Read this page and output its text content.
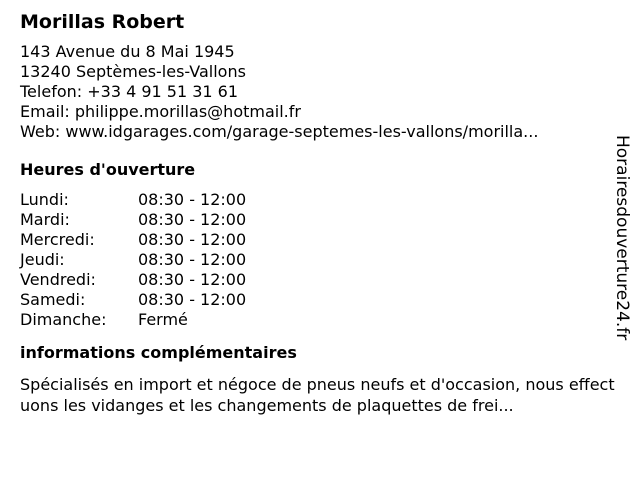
Morillas Robert
143 Avenue du 8 Mai 1945
13240 Septèmes-les-Vallons
Telefon: +33 4 91 51 31 61
Email: philippe.morillas@hotmail.fr
Web: www.idgarages.com/garage-septemes-les-vallons/morilla...
Heures d'ouverture
Lundi:	08:30 - 12:00
Mardi:	08:30 - 12:00
Mercredi:	08:30 - 12:00
Jeudi:	08:30 - 12:00
Vendredi:	08:30 - 12:00
Samedi:	08:30 - 12:00
Dimanche:	Fermé
informations complémentaires
Spécialisés en import et négoce de pneus neufs et d'occasion, nous effectuons les vidanges et les changements de plaquettes de frei...
Horairesdouverture24.fr
